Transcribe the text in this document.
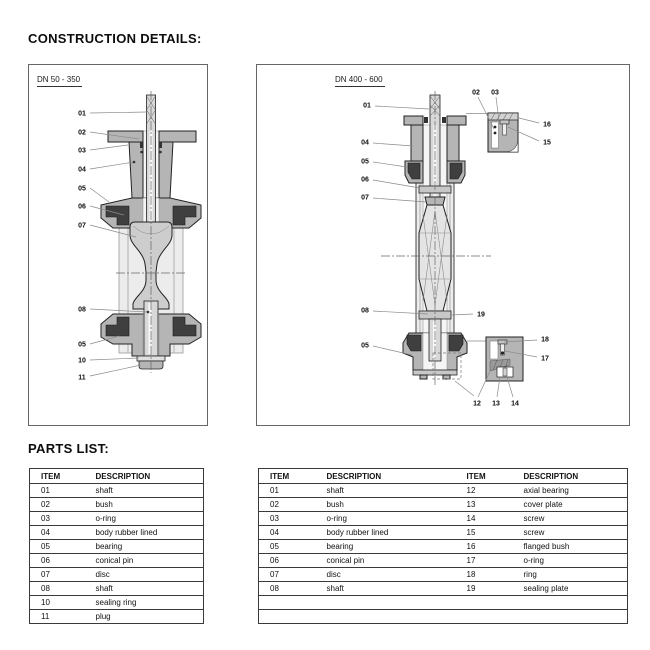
CONSTRUCTION DETAILS:
DN 50 - 350
01
02
03
04
05
06
07
08
05
10
11
DN 400 - 600
01
04
05
06
07
08
05
02 03
16
15
19
18
17
12 13 14
PARTS LIST:
ITEM	DESCRIPTION
01	shaft
02	bush
03	o-ring
04	body rubber lined
05	bearing
06	conical pin
07	disc
08	shaft
10	sealing ring
11	plug
ITEM	DESCRIPTION	ITEM	DESCRIPTION
01	shaft	12	axial bearing
02	bush	13	cover plate
03	o-ring	14	screw
04	body rubber lined	15	screw
05	bearing	16	flanged bush
06	conical pin	17	o-ring
07	disc	18	ring
08	shaft	19	sealing plate
